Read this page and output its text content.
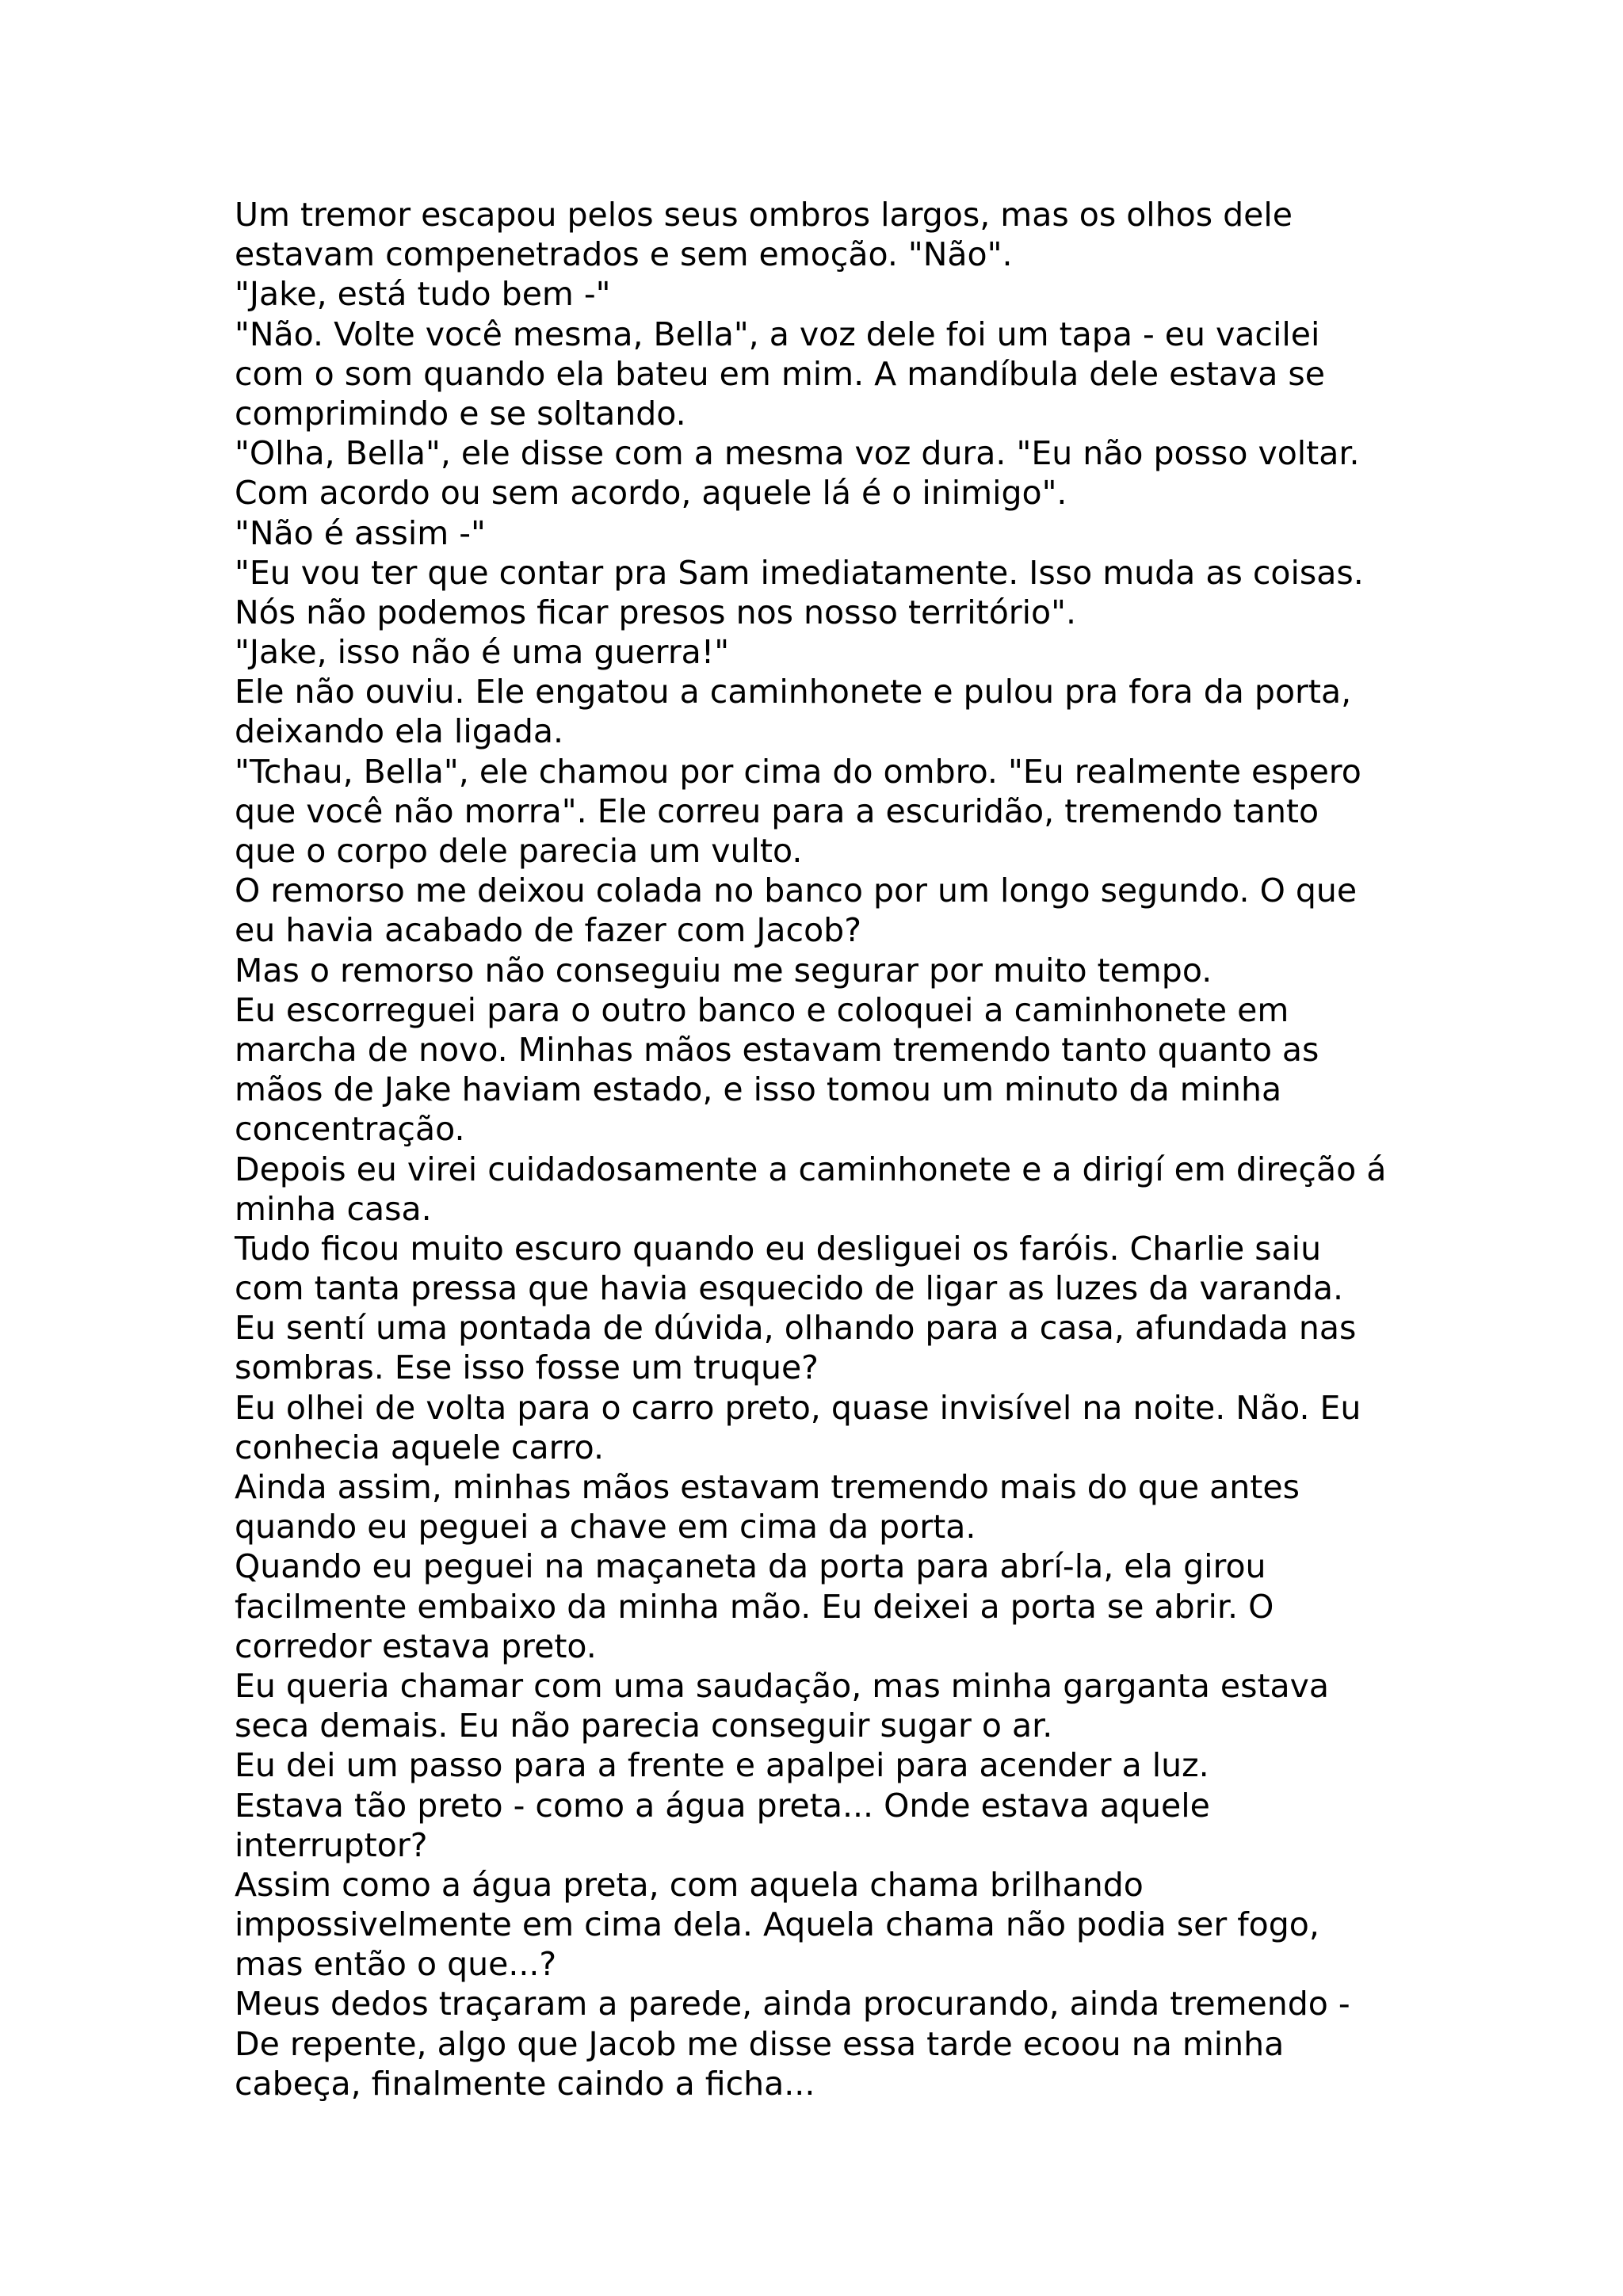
Um tremor escapou pelos seus ombros largos, mas os olhos dele
estavam compenetrados e sem emoção. "Não".
"Jake, está tudo bem -"
"Não. Volte você mesma, Bella", a voz dele foi um tapa - eu vacilei
com o som quando ela bateu em mim. A mandíbula dele estava se
comprimindo e se soltando.
"Olha, Bella", ele disse com a mesma voz dura. "Eu não posso voltar.
Com acordo ou sem acordo, aquele lá é o inimigo".
"Não é assim -"
"Eu vou ter que contar pra Sam imediatamente. Isso muda as coisas.
Nós não podemos ficar presos nos nosso território".
"Jake, isso não é uma guerra!"
Ele não ouviu. Ele engatou a caminhonete e pulou pra fora da porta,
deixando ela ligada.
"Tchau, Bella", ele chamou por cima do ombro. "Eu realmente espero
que você não morra". Ele correu para a escuridão, tremendo tanto
que o corpo dele parecia um vulto.
O remorso me deixou colada no banco por um longo segundo. O que
eu havia acabado de fazer com Jacob?
Mas o remorso não conseguiu me segurar por muito tempo.
Eu escorreguei para o outro banco e coloquei a caminhonete em
marcha de novo. Minhas mãos estavam tremendo tanto quanto as
mãos de Jake haviam estado, e isso tomou um minuto da minha
concentração.
Depois eu virei cuidadosamente a caminhonete e a dirigí em direção á
minha casa.
Tudo ficou muito escuro quando eu desliguei os faróis. Charlie saiu
com tanta pressa que havia esquecido de ligar as luzes da varanda.
Eu sentí uma pontada de dúvida, olhando para a casa, afundada nas
sombras. Ese isso fosse um truque?
Eu olhei de volta para o carro preto, quase invisível na noite. Não. Eu
conhecia aquele carro.
Ainda assim, minhas mãos estavam tremendo mais do que antes
quando eu peguei a chave em cima da porta.
Quando eu peguei na maçaneta da porta para abrí-la, ela girou
facilmente embaixo da minha mão. Eu deixei a porta se abrir. O
corredor estava preto.
Eu queria chamar com uma saudação, mas minha garganta estava
seca demais. Eu não parecia conseguir sugar o ar.
Eu dei um passo para a frente e apalpei para acender a luz.
Estava tão preto - como a água preta... Onde estava aquele
interruptor?
Assim como a água preta, com aquela chama brilhando
impossivelmente em cima dela. Aquela chama não podia ser fogo,
mas então o que...?
Meus dedos traçaram a parede, ainda procurando, ainda tremendo -
De repente, algo que Jacob me disse essa tarde ecoou na minha
cabeça, finalmente caindo a ficha...
